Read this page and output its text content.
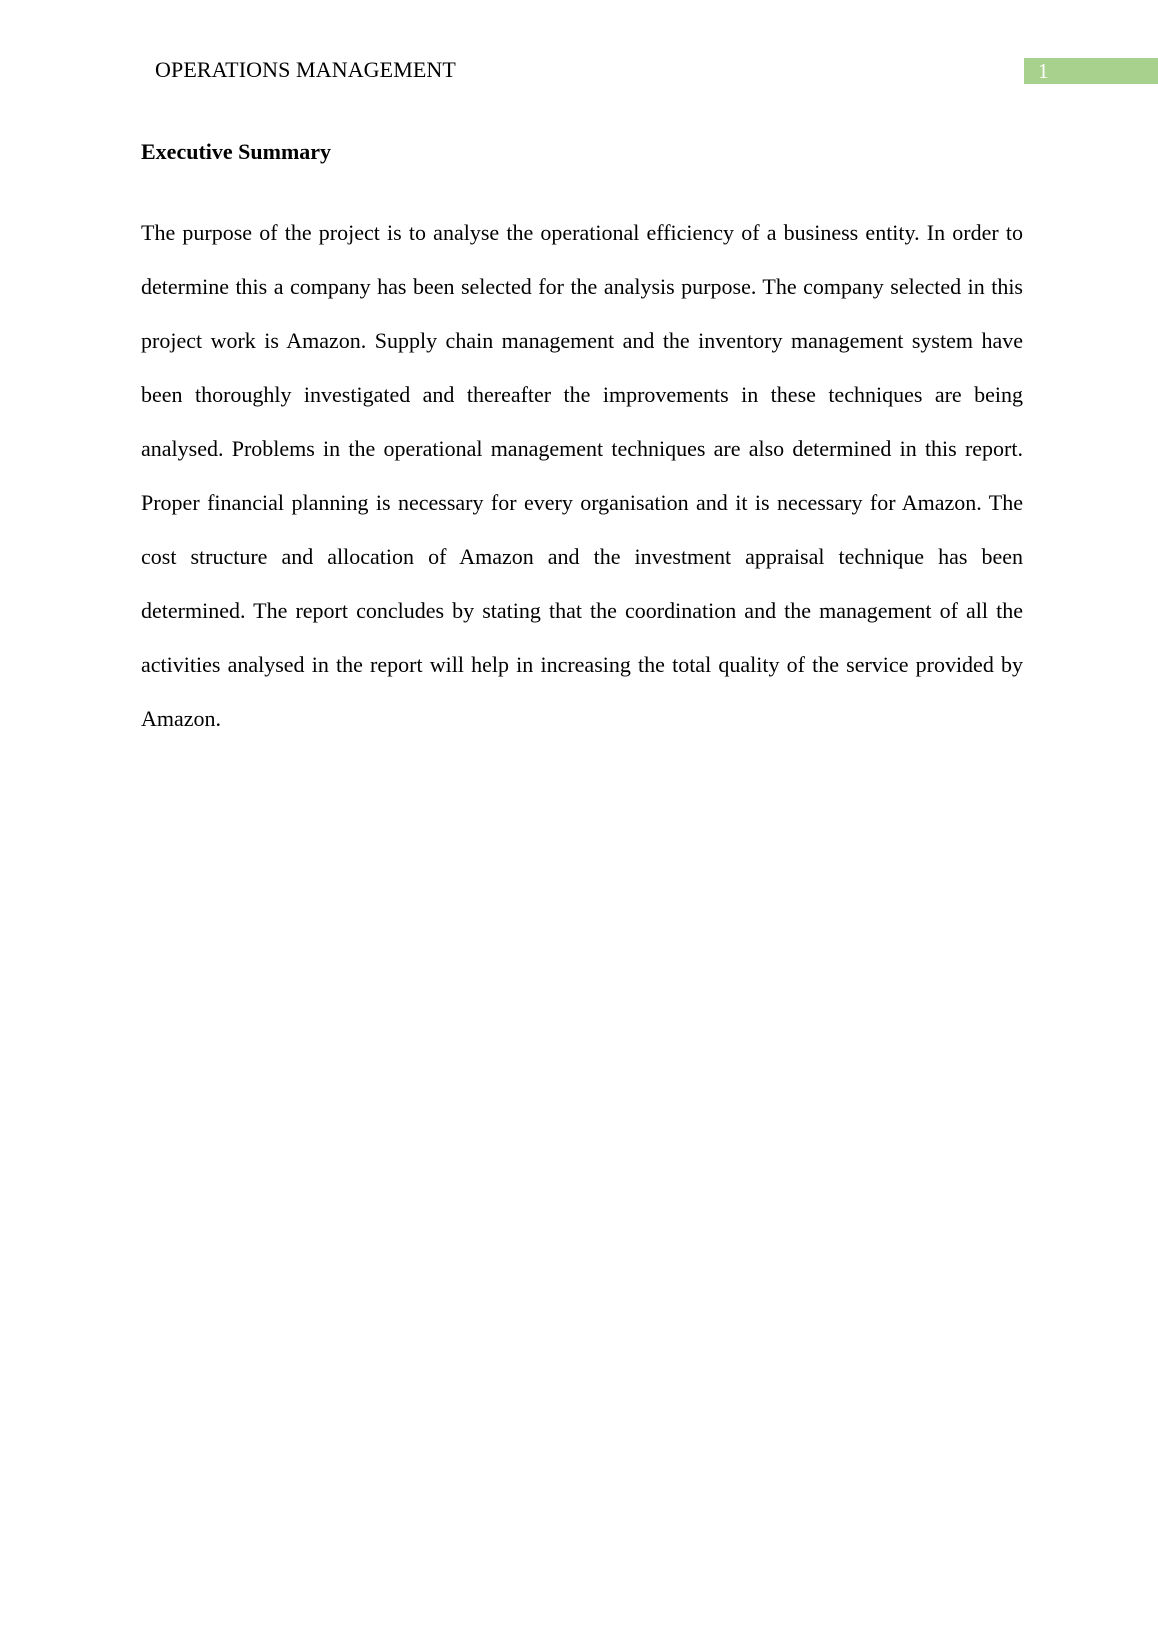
OPERATIONS MANAGEMENT	1
Executive Summary

The purpose of the project is to analyse the operational efficiency of a business entity. In order to determine this a company has been selected for the analysis purpose. The company selected in this project work is Amazon. Supply chain management and the inventory management system have been thoroughly investigated and thereafter the improvements in these techniques are being analysed. Problems in the operational management techniques are also determined in this report. Proper financial planning is necessary for every organisation and it is necessary for Amazon. The cost structure and allocation of Amazon and the investment appraisal technique has been determined. The report concludes by stating that the coordination and the management of all the activities analysed in the report will help in increasing the total quality of the service provided by Amazon.
